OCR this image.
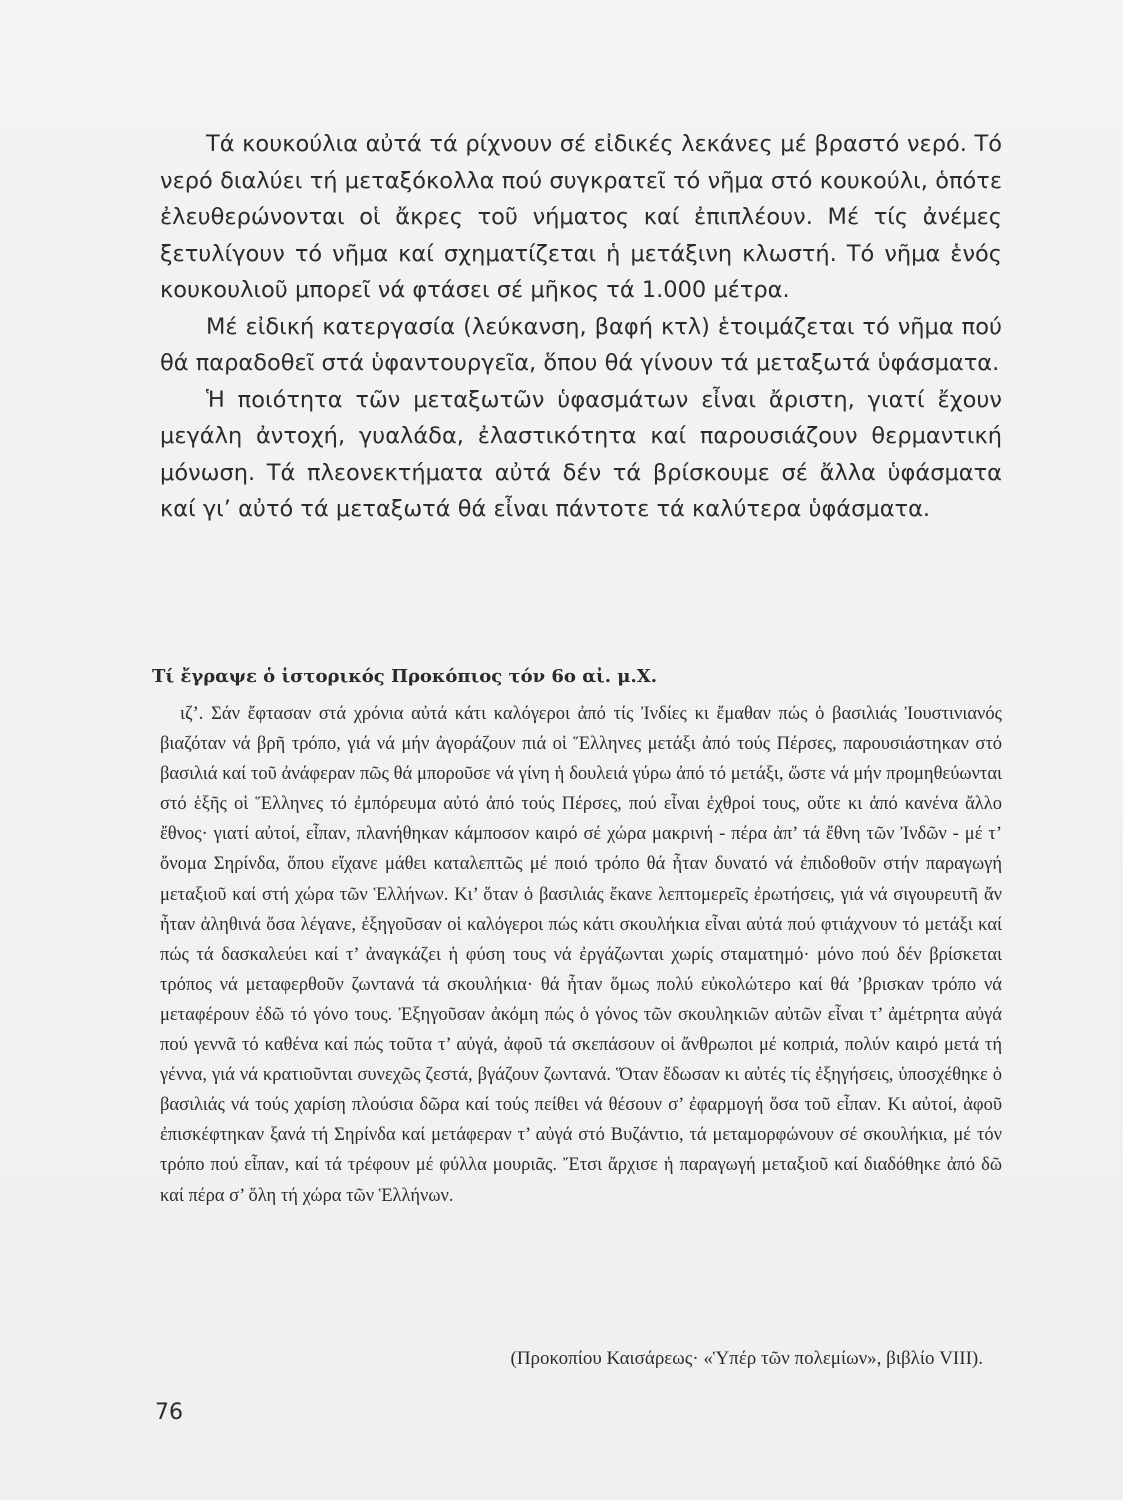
Τά κουκούλια αὐτά τά ρίχνουν σέ εἰδικές λεκάνες μέ βραστό νερό. Τό νερό διαλύει τή μεταξόκολλα πού συγκρατεῖ τό νῆμα στό κουκούλι, ὁπότε ἐλευθερώνονται οἱ ἄκρες τοῦ νήματος καί ἐπιπλέουν. Μέ τίς ἀνέμες ξετυλίγουν τό νῆμα καί σχηματίζεται ἡ μετάξινη κλωστή. Τό νῆμα ἑνός κουκουλιοῦ μπορεῖ νά φτάσει σέ μῆκος τά 1.000 μέτρα.

Μέ εἰδική κατεργασία (λεύκανση, βαφή κτλ) ἑτοιμάζεται τό νῆμα πού θά παραδοθεῖ στά ὑφαντουργεῖα, ὅπου θά γίνουν τά μεταξωτά ὑφάσματα.

Ἡ ποιότητα τῶν μεταξωτῶν ὑφασμάτων εἶναι ἄριστη, γιατί ἔχουν μεγάλη ἀντοχή, γυαλάδα, ἐλαστικότητα καί παρουσιάζουν θερμαντική μόνωση. Τά πλεονεκτήματα αὐτά δέν τά βρίσκουμε σέ ἄλλα ὑφάσματα καί γι’ αὐτό τά μεταξωτά θά εἶναι πάντοτε τά καλύτερα ὑφάσματα.

Τί ἔγραψε ὁ ἱστορικός Προκόπιος τόν 6ο αἰ. μ.Χ.

ιζ’. Σάν ἔφτασαν στά χρόνια αὐτά κάτι καλόγεροι ἀπό τίς Ἰνδίες κι ἔμαθαν πώς ὁ βασιλιάς Ἰουστινιανός βιαζόταν νά βρῆ τρόπο, γιά νά μήν ἀγοράζουν πιά οἱ Ἕλληνες μετάξι ἀπό τούς Πέρσες, παρουσιάστηκαν στό βασιλιά καί τοῦ ἀνάφεραν πῶς θά μποροῦσε νά γίνη ἡ δουλειά γύρω ἀπό τό μετάξι, ὥστε νά μήν προμηθεύωνται στό ἑξῆς οἱ Ἕλληνες τό ἐμπόρευμα αὐτό ἀπό τούς Πέρσες, πού εἶναι ἐχθροί τους, οὔτε κι ἀπό κανένα ἄλλο ἔθνος· γιατί αὐτοί, εἶπαν, πλανήθηκαν κάμποσον καιρό σέ χώρα μακρινή - πέρα ἀπ’ τά ἔθνη τῶν Ἰνδῶν - μέ τ’ ὄνομα Σηρίνδα, ὅπου εἴχανε μάθει καταλεπτῶς μέ ποιό τρόπο θά ἦταν δυνατό νά ἐπιδοθοῦν στήν παραγωγή μεταξιοῦ καί στή χώρα τῶν Ἑλλήνων. Κι’ ὅταν ὁ βασιλιάς ἔκανε λεπτομερεῖς ἐρωτήσεις, γιά νά σιγουρευτῆ ἄν ἦταν ἀληθινά ὅσα λέγανε, ἐξηγοῦσαν οἱ καλόγεροι πώς κάτι σκουλήκια εἶναι αὐτά πού φτιάχνουν τό μετάξι καί πώς τά δασκαλεύει καί τ’ ἀναγκάζει ἡ φύση τους νά ἐργάζωνται χωρίς σταματημό· μόνο πού δέν βρίσκεται τρόπος νά μεταφερθοῦν ζωντανά τά σκουλήκια· θά ἦταν ὅμως πολύ εὐκολώτερο καί θά ’βρισκαν τρόπο νά μεταφέρουν ἐδῶ τό γόνο τους. Ἐξηγοῦσαν ἀκόμη πώς ὁ γόνος τῶν σκουληκιῶν αὐτῶν εἶναι τ’ ἀμέτρητα αὐγά πού γεννᾶ τό καθένα καί πώς τοῦτα τ’ αὐγά, ἀφοῦ τά σκεπάσουν οἱ ἄνθρωποι μέ κοπριά, πολύν καιρό μετά τή γέννα, γιά νά κρατιοῦνται συνεχῶς ζεστά, βγάζουν ζωντανά. Ὅταν ἔδωσαν κι αὐτές τίς ἐξηγήσεις, ὑποσχέθηκε ὁ βασιλιάς νά τούς χαρίση πλούσια δῶρα καί τούς πείθει νά θέσουν σ’ ἐφαρμογή ὅσα τοῦ εἶπαν. Κι αὐτοί, ἀφοῦ ἐπισκέφτηκαν ξανά τή Σηρίνδα καί μετάφεραν τ’ αὐγά στό Βυζάντιο, τά μεταμορφώνουν σέ σκουλήκια, μέ τόν τρόπο πού εἶπαν, καί τά τρέφουν μέ φύλλα μουριᾶς. Ἔτσι ἄρχισε ἡ παραγωγή μεταξιοῦ καί διαδόθηκε ἀπό δῶ καί πέρα σ’ ὅλη τή χώρα τῶν Ἑλλήνων.

(Προκοπίου Καισάρεως· «Ὑπέρ τῶν πολεμίων», βιβλίο VIII).
76
